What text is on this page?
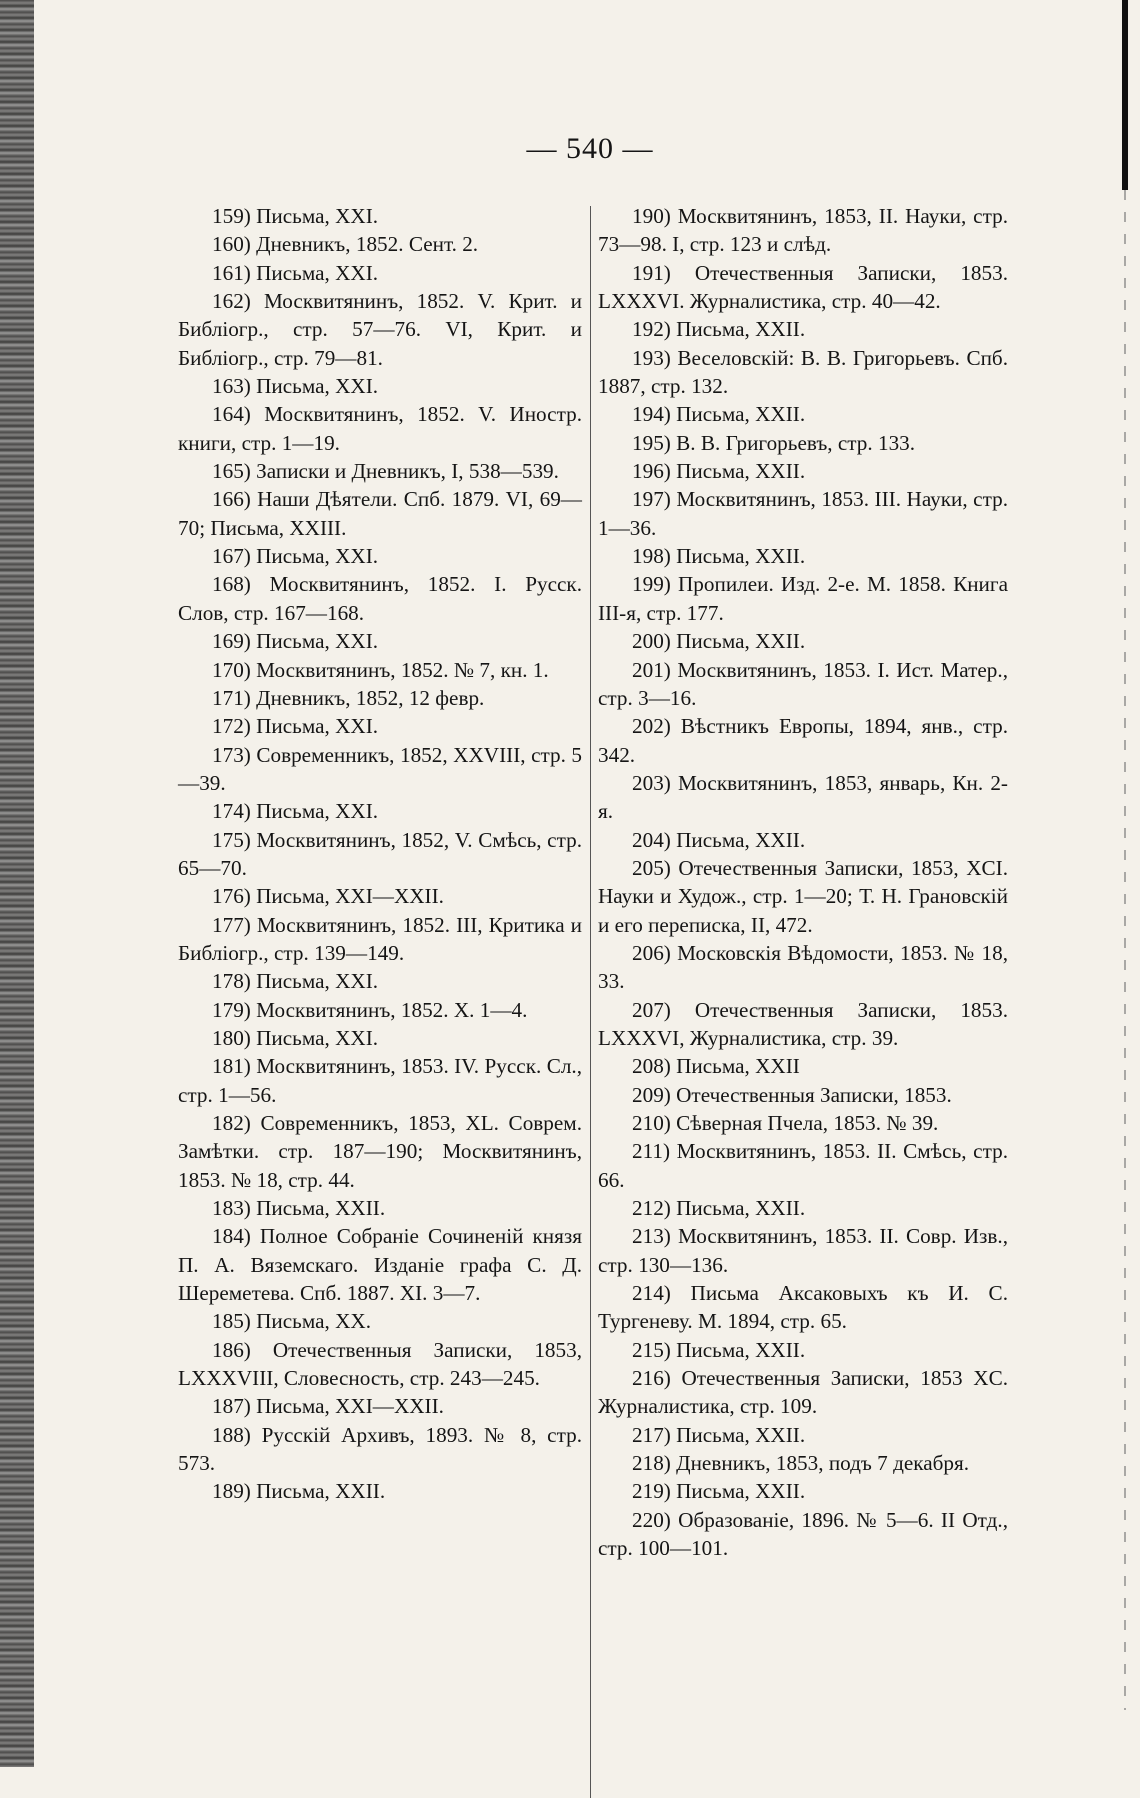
— 540 —

159) Письма, XXI.

160) Дневникъ, 1852. Сент. 2.

161) Письма, XXI.

162) Москвитянинъ, 1852. V. Крит. и Библiогр., стр. 57—76. VI, Крит. и Библiогр., стр. 79—81.

163) Письма, XXI.

164) Москвитянинъ, 1852. V. Иностр. книги, стр. 1—19.

165) Записки и Дневникъ, I, 538—539.

166) Наши Дѣятели. Спб. 1879. VI, 69—70; Письма, XXIII.

167) Письма, XXI.

168) Москвитянинъ, 1852. I. Русск. Слов, стр. 167—168.

169) Письма, XXI.

170) Москвитянинъ, 1852. № 7, кн. 1.

171) Дневникъ, 1852, 12 февр.

172) Письма, XXI.

173) Современникъ, 1852, XXVIII, стр. 5—39.

174) Письма, XXI.

175) Москвитянинъ, 1852, V. Смѣсь, стр. 65—70.

176) Письма, XXI—XXII.

177) Москвитянинъ, 1852. III, Критика и Библiогр., стр. 139—149.

178) Письма, XXI.

179) Москвитянинъ, 1852. X. 1—4.

180) Письма, XXI.

181) Москвитянинъ, 1853. IV. Русск. Сл., стр. 1—56.

182) Современникъ, 1853, XL. Соврем. Замѣтки. стр. 187—190; Москвитянинъ, 1853. № 18, стр. 44.

183) Письма, XXII.

184) Полное Собранiе Сочиненiй князя П. А. Вяземскаго. Изданiе графа С. Д. Шереметева. Спб. 1887. XI. 3—7.

185) Письма, XX.

186) Отечественныя Записки, 1853, LXXXVIII, Словесность, стр. 243—245.

187) Письма, XXI—XXII.

188) Русскiй Архивъ, 1893. № 8, стр. 573.

189) Письма, XXII.

190) Москвитянинъ, 1853, II. Науки, стр. 73—98. I, стр. 123 и слѣд.

191) Отечественныя Записки, 1853. LXXXVI. Журналистика, стр. 40—42.

192) Письма, XXII.

193) Веселовскiй: В. В. Григорьевъ. Спб. 1887, стр. 132.

194) Письма, XXII.

195) В. В. Григорьевъ, стр. 133.

196) Письма, XXII.

197) Москвитянинъ, 1853. III. Науки, стр. 1—36.

198) Письма, XXII.

199) Пропилеи. Изд. 2-е. М. 1858. Книга III-я, стр. 177.

200) Письма, XXII.

201) Москвитянинъ, 1853. I. Ист. Матер., стр. 3—16.

202) Вѣстникъ Европы, 1894, янв., стр. 342.

203) Москвитянинъ, 1853, январь, Кн. 2-я.

204) Письма, XXII.

205) Отечественныя Записки, 1853, XCI. Науки и Худож., стр. 1—20; Т. Н. Грановскiй и его переписка, II, 472.

206) Московскiя Вѣдомости, 1853. № 18, 33.

207) Отечественныя Записки, 1853. LXXXVI, Журналистика, стр. 39.

208) Письма, XXII

209) Отечественныя Записки, 1853.

210) Сѣверная Пчела, 1853. № 39.

211) Москвитянинъ, 1853. II. Смѣсь, стр. 66.

212) Письма, XXII.

213) Москвитянинъ, 1853. II. Совр. Изв., стр. 130—136.

214) Письма Аксаковыхъ къ И. С. Тургеневу. М. 1894, стр. 65.

215) Письма, XXII.

216) Отечественныя Записки, 1853 XC. Журналистика, стр. 109.

217) Письма, XXII.

218) Дневникъ, 1853, подъ 7 декабря.

219) Письма, XXII.

220) Образованiе, 1896. № 5—6. II Отд., стр. 100—101.
